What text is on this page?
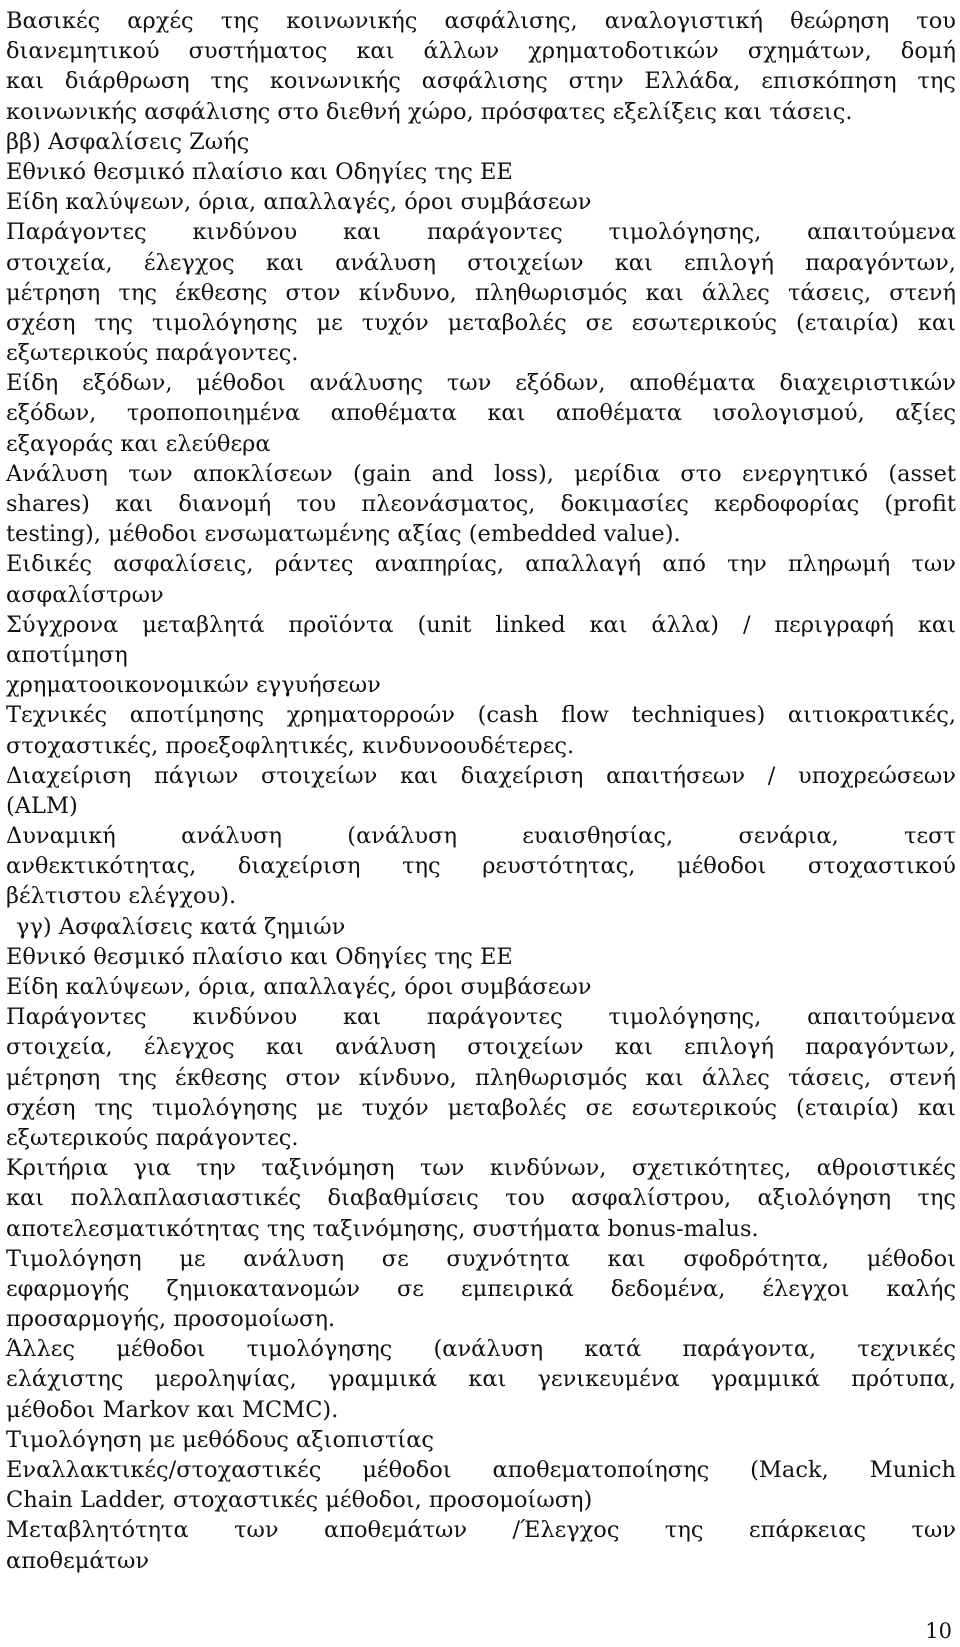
Βασικές αρχές της κοινωνικής ασφάλισης, αναλογιστική θεώρηση του

διανεμητικού συστήματος και άλλων χρηματοδοτικών σχημάτων, δομή

και διάρθρωση της κοινωνικής ασφάλισης στην Ελλάδα, επισκόπηση της

κοινωνικής ασφάλισης στο διεθνή χώρο, πρόσφατες εξελίξεις και τάσεις.

ββ) Ασφαλίσεις Ζωής

Εθνικό θεσμικό πλαίσιο και Οδηγίες της ΕΕ

Είδη καλύψεων, όρια, απαλλαγές, όροι συμβάσεων

Παράγοντες κινδύνου και παράγοντες τιμολόγησης, απαιτούμενα

στοιχεία, έλεγχος και ανάλυση στοιχείων και επιλογή παραγόντων,

μέτρηση της έκθεσης στον κίνδυνο, πληθωρισμός και άλλες τάσεις, στενή

σχέση της τιμολόγησης με τυχόν μεταβολές σε εσωτερικούς (εταιρία) και

εξωτερικούς παράγοντες.

Είδη εξόδων, μέθοδοι ανάλυσης των εξόδων, αποθέματα διαχειριστικών

εξόδων, τροποποιημένα αποθέματα και αποθέματα ισολογισμού, αξίες

εξαγοράς και ελεύθερα

Ανάλυση των αποκλίσεων (gain and loss), μερίδια στο ενεργητικό (asset

shares) και διανομή του πλεονάσματος, δοκιμασίες κερδοφορίας (profit

testing), μέθοδοι ενσωματωμένης αξίας (embedded value).

Ειδικές ασφαλίσεις, ράντες αναπηρίας, απαλλαγή από την πληρωμή των

ασφαλίστρων

Σύγχρονα μεταβλητά προϊόντα (unit linked και άλλα) / περιγραφή και

αποτίμηση

χρηματοοικονομικών εγγυήσεων

Τεχνικές αποτίμησης χρηματορροών (cash flow techniques) αιτιοκρατικές,

στοχαστικές, προεξοφλητικές, κινδυνοουδέτερες.

Διαχείριση πάγιων στοιχείων και διαχείριση απαιτήσεων / υποχρεώσεων

(ALM)

Δυναμική	ανάλυση	(ανάλυση	ευαισθησίας,	σενάρια,	τεστ

ανθεκτικότητας, διαχείριση της ρευστότητας, μέθοδοι στοχαστικού

βέλτιστου ελέγχου).

γγ) Ασφαλίσεις κατά ζημιών

Εθνικό θεσμικό πλαίσιο και Οδηγίες της ΕΕ

Είδη καλύψεων, όρια, απαλλαγές, όροι συμβάσεων

Παράγοντες κινδύνου και παράγοντες τιμολόγησης, απαιτούμενα

στοιχεία, έλεγχος και ανάλυση στοιχείων και επιλογή παραγόντων,

μέτρηση της έκθεσης στον κίνδυνο, πληθωρισμός και άλλες τάσεις, στενή

σχέση της τιμολόγησης με τυχόν μεταβολές σε εσωτερικούς (εταιρία) και

εξωτερικούς παράγοντες.

Κριτήρια για την ταξινόμηση των κινδύνων, σχετικότητες, αθροιστικές

και πολλαπλασιαστικές διαβαθμίσεις του ασφαλίστρου, αξιολόγηση της

αποτελεσματικότητας της ταξινόμησης, συστήματα bonus-malus.

Τιμολόγηση με ανάλυση σε συχνότητα και σφοδρότητα, μέθοδοι

εφαρμογής ζημιοκατανομών σε εμπειρικά δεδομένα, έλεγχοι καλής

προσαρμογής, προσομοίωση.

Άλλες μέθοδοι τιμολόγησης (ανάλυση κατά παράγοντα, τεχνικές

ελάχιστης μεροληψίας, γραμμικά και γενικευμένα γραμμικά πρότυπα,

μέθοδοι Markov και MCMC).

Τιμολόγηση με μεθόδους αξιοπιστίας

Εναλλακτικές/στοχαστικές μέθοδοι αποθεματοποίησης (Mack, Munich

Chain Ladder, στοχαστικές μέθοδοι, προσομοίωση)

Μεταβλητότητα των αποθεμάτων /Έλεγχος της επάρκειας των

αποθεμάτων

10
